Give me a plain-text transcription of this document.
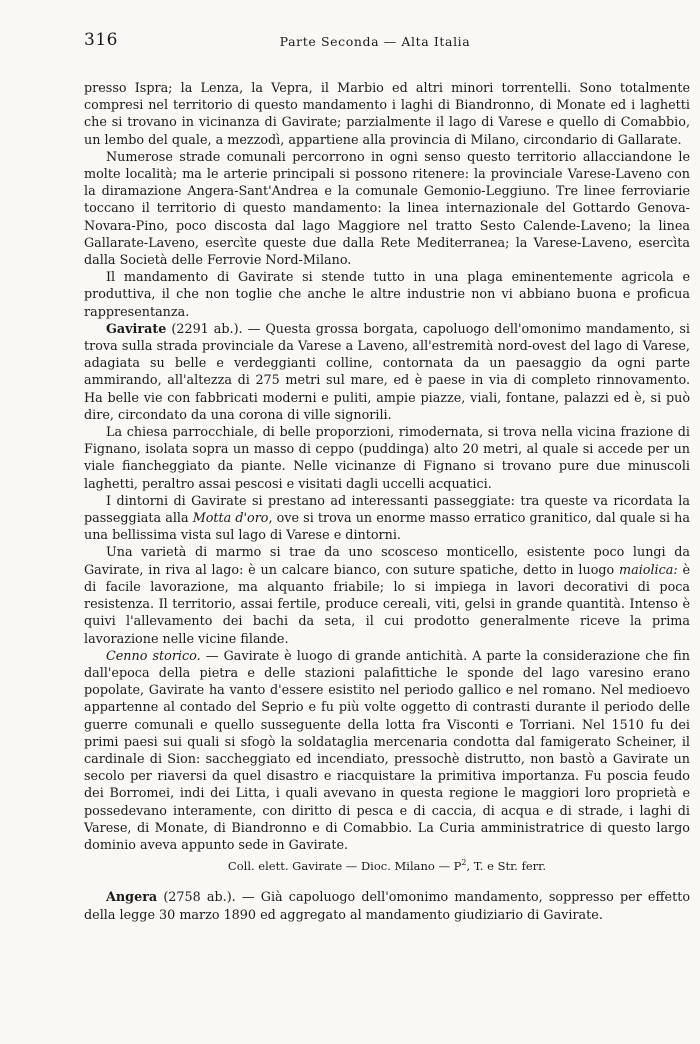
316	Parte Seconda — Alta Italia

presso Ispra; la Lenza, la Vepra, il Marbio ed altri minori torrentelli. Sono totalmente compresi nel territorio di questo mandamento i laghi di Biandronno, di Monate ed i laghetti che si trovano in vicinanza di Gavirate; parzialmente il lago di Varese e quello di Comabbio, un lembo del quale, a mezzodì, appartiene alla provincia di Milano, circondario di Gallarate.

Numerose strade comunali percorrono in ogni senso questo territorio allacciandone le molte località; ma le arterie principali si possono ritenere: la provinciale Varese-Laveno con la diramazione Angera-Sant'Andrea e la comunale Gemonio-Leggiuno. Tre linee ferroviarie toccano il territorio di questo mandamento: la linea internazionale del Gottardo Genova-Novara-Pino, poco discosta dal lago Maggiore nel tratto Sesto Calende-Laveno; la linea Gallarate-Laveno, esercìte queste due dalla Rete Mediterranea; la Varese-Laveno, esercìta dalla Società delle Ferrovie Nord-Milano.

Il mandamento di Gavirate si stende tutto in una plaga eminentemente agricola e produttiva, il che non toglie che anche le altre industrie non vi abbiano buona e proficua rappresentanza.

Gavirate (2291 ab.). — Questa grossa borgata, capoluogo dell'omonimo mandamento, si trova sulla strada provinciale da Varese a Laveno, all'estremità nord-ovest del lago di Varese, adagiata su belle e verdeggianti colline, contornata da un paesaggio da ogni parte ammirando, all'altezza di 275 metri sul mare, ed è paese in via di completo rinnovamento. Ha belle vie con fabbricati moderni e puliti, ampie piazze, viali, fontane, palazzi ed è, si può dire, circondato da una corona di ville signorili.

La chiesa parrocchiale, di belle proporzioni, rimodernata, si trova nella vicina frazione di Fignano, isolata sopra un masso di ceppo (puddinga) alto 20 metri, al quale si accede per un viale fiancheggiato da piante. Nelle vicinanze di Fignano si trovano pure due minuscoli laghetti, peraltro assai pescosi e visitati dagli uccelli acquatici.

I dintorni di Gavirate si prestano ad interessanti passeggiate: tra queste va ricordata la passeggiata alla Motta d'oro, ove si trova un enorme masso erratico granitico, dal quale si ha una bellissima vista sul lago di Varese e dintorni.

Una varietà di marmo si trae da uno scosceso monticello, esistente poco lungi da Gavirate, in riva al lago: è un calcare bianco, con suture spatiche, detto in luogo maiolica: è di facile lavorazione, ma alquanto friabile; lo si impiega in lavori decorativi di poca resistenza. Il territorio, assai fertile, produce cereali, viti, gelsi in grande quantità. Intenso è quivi l'allevamento dei bachi da seta, il cui prodotto generalmente riceve la prima lavorazione nelle vicine filande.

Cenno storico. — Gavirate è luogo di grande antichità. A parte la considerazione che fin dall'epoca della pietra e delle stazioni palafittiche le sponde del lago varesino erano popolate, Gavirate ha vanto d'essere esistito nel periodo gallico e nel romano. Nel medioevo appartenne al contado del Seprio e fu più volte oggetto di contrasti durante il periodo delle guerre comunali e quello susseguente della lotta fra Visconti e Torriani. Nel 1510 fu dei primi paesi sui quali si sfogò la soldataglia mercenaria condotta dal famigerato Scheiner, il cardinale di Sion: saccheggiato ed incendiato, pressochè distrutto, non bastò a Gavirate un secolo per riaversi da quel disastro e riacquistare la primitiva importanza. Fu poscia feudo dei Borromei, indi dei Litta, i quali avevano in questa regione le maggiori loro proprietà e possedevano interamente, con diritto di pesca e di caccia, di acqua e di strade, i laghi di Varese, di Monate, di Biandronno e di Comabbio. La Curia amministratrice di questo largo dominio aveva appunto sede in Gavirate.

Coll. elett. Gavirate — Dioc. Milano — $P^2$, T. e Str. ferr.

Angera (2758 ab.). — Già capoluogo dell'omonimo mandamento, soppresso per effetto della legge 30 marzo 1890 ed aggregato al mandamento giudiziario di Gavirate.
